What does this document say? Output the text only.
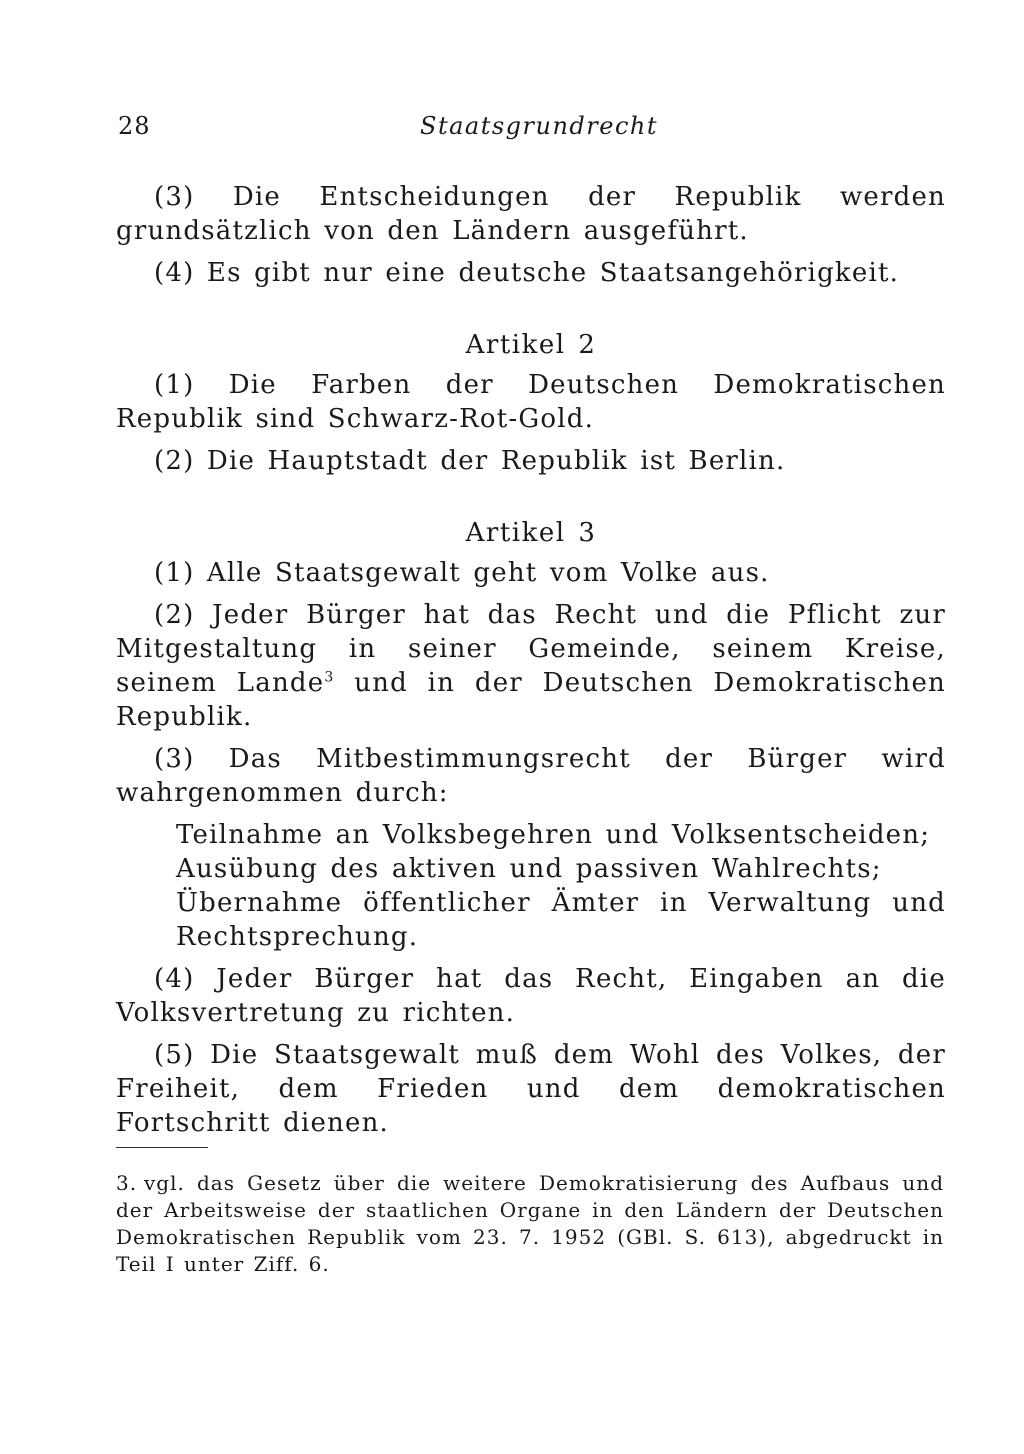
28	Staatsgrundrecht

(3) Die Entscheidungen der Republik werden grundsätzlich von den Ländern ausgeführt.

(4) Es gibt nur eine deutsche Staatsangehörigkeit.

Artikel 2

(1) Die Farben der Deutschen Demokratischen Republik sind Schwarz-Rot-Gold.

(2) Die Hauptstadt der Republik ist Berlin.

Artikel 3

(1) Alle Staatsgewalt geht vom Volke aus.

(2) Jeder Bürger hat das Recht und die Pflicht zur Mitgestaltung in seiner Gemeinde, seinem Kreise, seinem Lande$^3$ und in der Deutschen Demokratischen Republik.

(3) Das Mitbestimmungsrecht der Bürger wird wahrgenommen durch:

Teilnahme an Volksbegehren und Volksentscheiden;
Ausübung des aktiven und passiven Wahlrechts;
Übernahme öffentlicher Ämter in Verwaltung und Rechtsprechung.

(4) Jeder Bürger hat das Recht, Eingaben an die Volksvertretung zu richten.

(5) Die Staatsgewalt muß dem Wohl des Volkes, der Freiheit, dem Frieden und dem demokratischen Fortschritt dienen.

3. vgl. das Gesetz über die weitere Demokratisierung des Aufbaus und der Arbeitsweise der staatlichen Organe in den Ländern der Deutschen Demokratischen Republik vom 23. 7. 1952 (GBl. S. 613), abgedruckt in Teil I unter Ziff. 6.
